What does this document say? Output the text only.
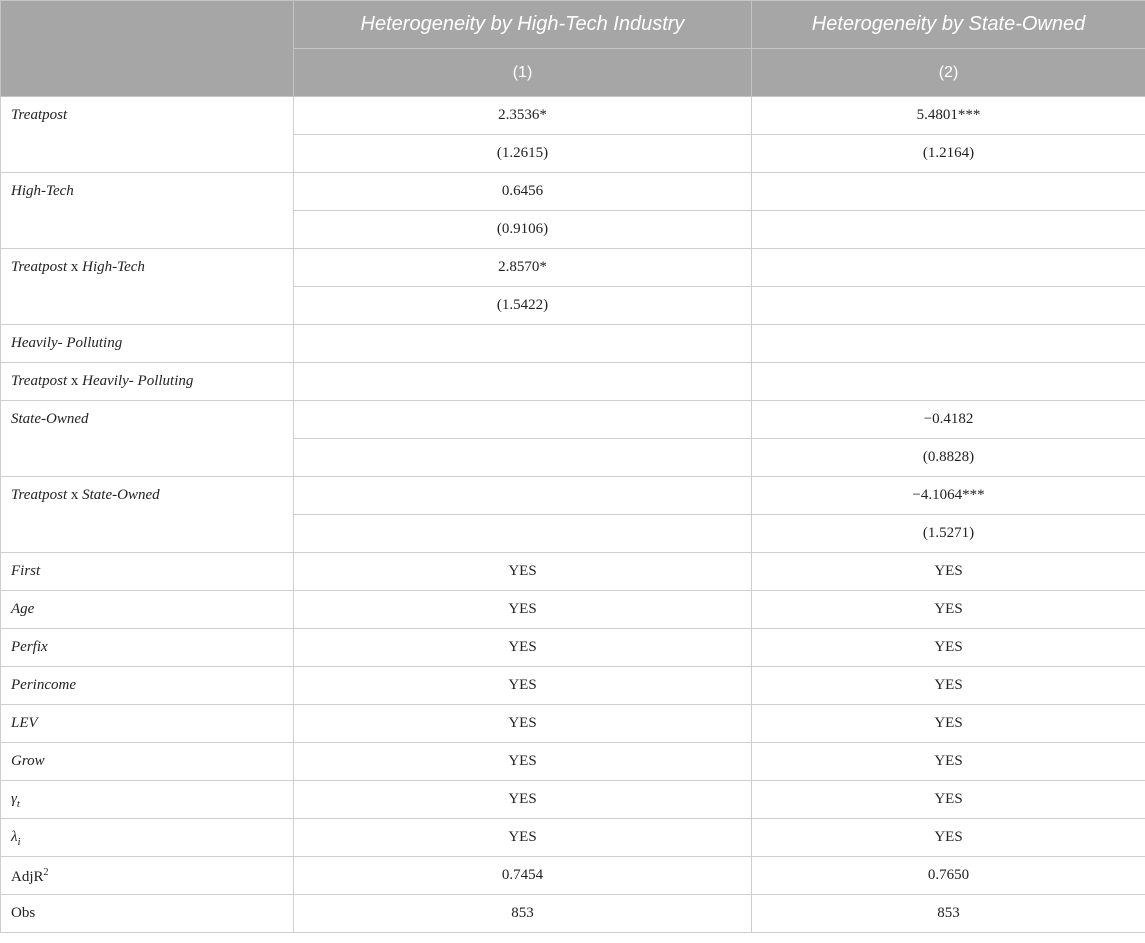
	Heterogeneity by High-Tech Industry	Heterogeneity by State-Owned
	(1)	(2)
Treatpost	2.3536*	5.4801***
	(1.2615)	(1.2164)
High-Tech	0.6456	
	(0.9106)	
Treatpost x High-Tech	2.8570*	
	(1.5422)	
Heavily- Polluting		
Treatpost x Heavily- Polluting		
State-Owned		−0.4182
		(0.8828)
Treatpost x State-Owned		−4.1064***
		(1.5271)
First	YES	YES
Age	YES	YES
Perfix	YES	YES
Perincome	YES	YES
LEV	YES	YES
Grow	YES	YES
$\gamma_t$	YES	YES
$\lambda_i$	YES	YES
AdjR$^2$	0.7454	0.7650
Obs	853	853
